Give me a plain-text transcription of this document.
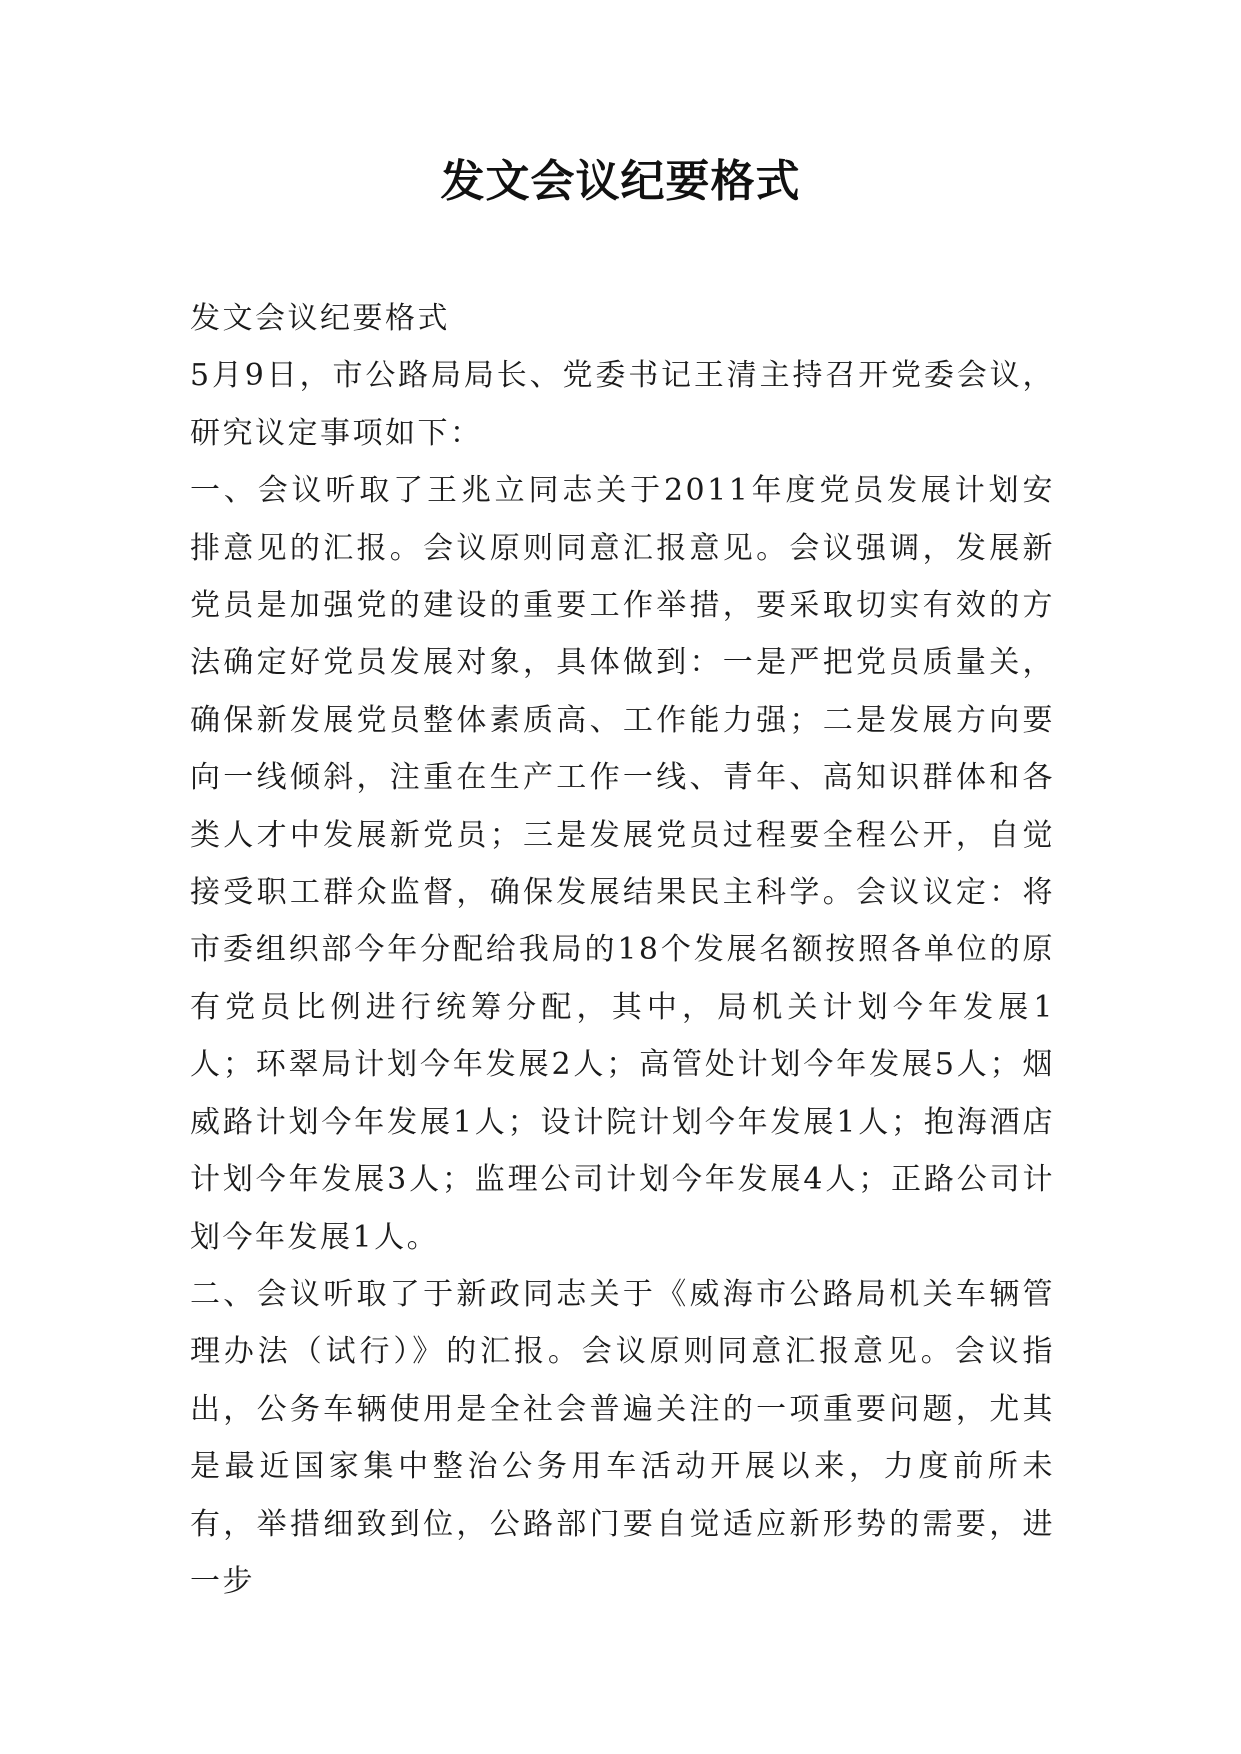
发文会议纪要格式

发文会议纪要格式

5月9日，市公路局局长、党委书记王清主持召开党委会议，研究议定事项如下：

一、会议听取了王兆立同志关于2011年度党员发展计划安排意见的汇报。会议原则同意汇报意见。会议强调，发展新党员是加强党的建设的重要工作举措，要采取切实有效的方法确定好党员发展对象，具体做到：一是严把党员质量关，确保新发展党员整体素质高、工作能力强；二是发展方向要向一线倾斜，注重在生产工作一线、青年、高知识群体和各类人才中发展新党员；三是发展党员过程要全程公开，自觉接受职工群众监督，确保发展结果民主科学。会议议定：将市委组织部今年分配给我局的18个发展名额按照各单位的原有党员比例进行统筹分配，其中，局机关计划今年发展1人；环翠局计划今年发展2人；高管处计划今年发展5人；烟威路计划今年发展1人；设计院计划今年发展1人；抱海酒店计划今年发展3人；监理公司计划今年发展4人；正路公司计划今年发展1人。

二、会议听取了于新政同志关于《威海市公路局机关车辆管理办法（试行）》的汇报。会议原则同意汇报意见。会议指出，公务车辆使用是全社会普遍关注的一项重要问题，尤其是最近国家集中整治公务用车活动开展以来，力度前所未有，举措细致到位，公路部门要自觉适应新形势的需要，进一步
